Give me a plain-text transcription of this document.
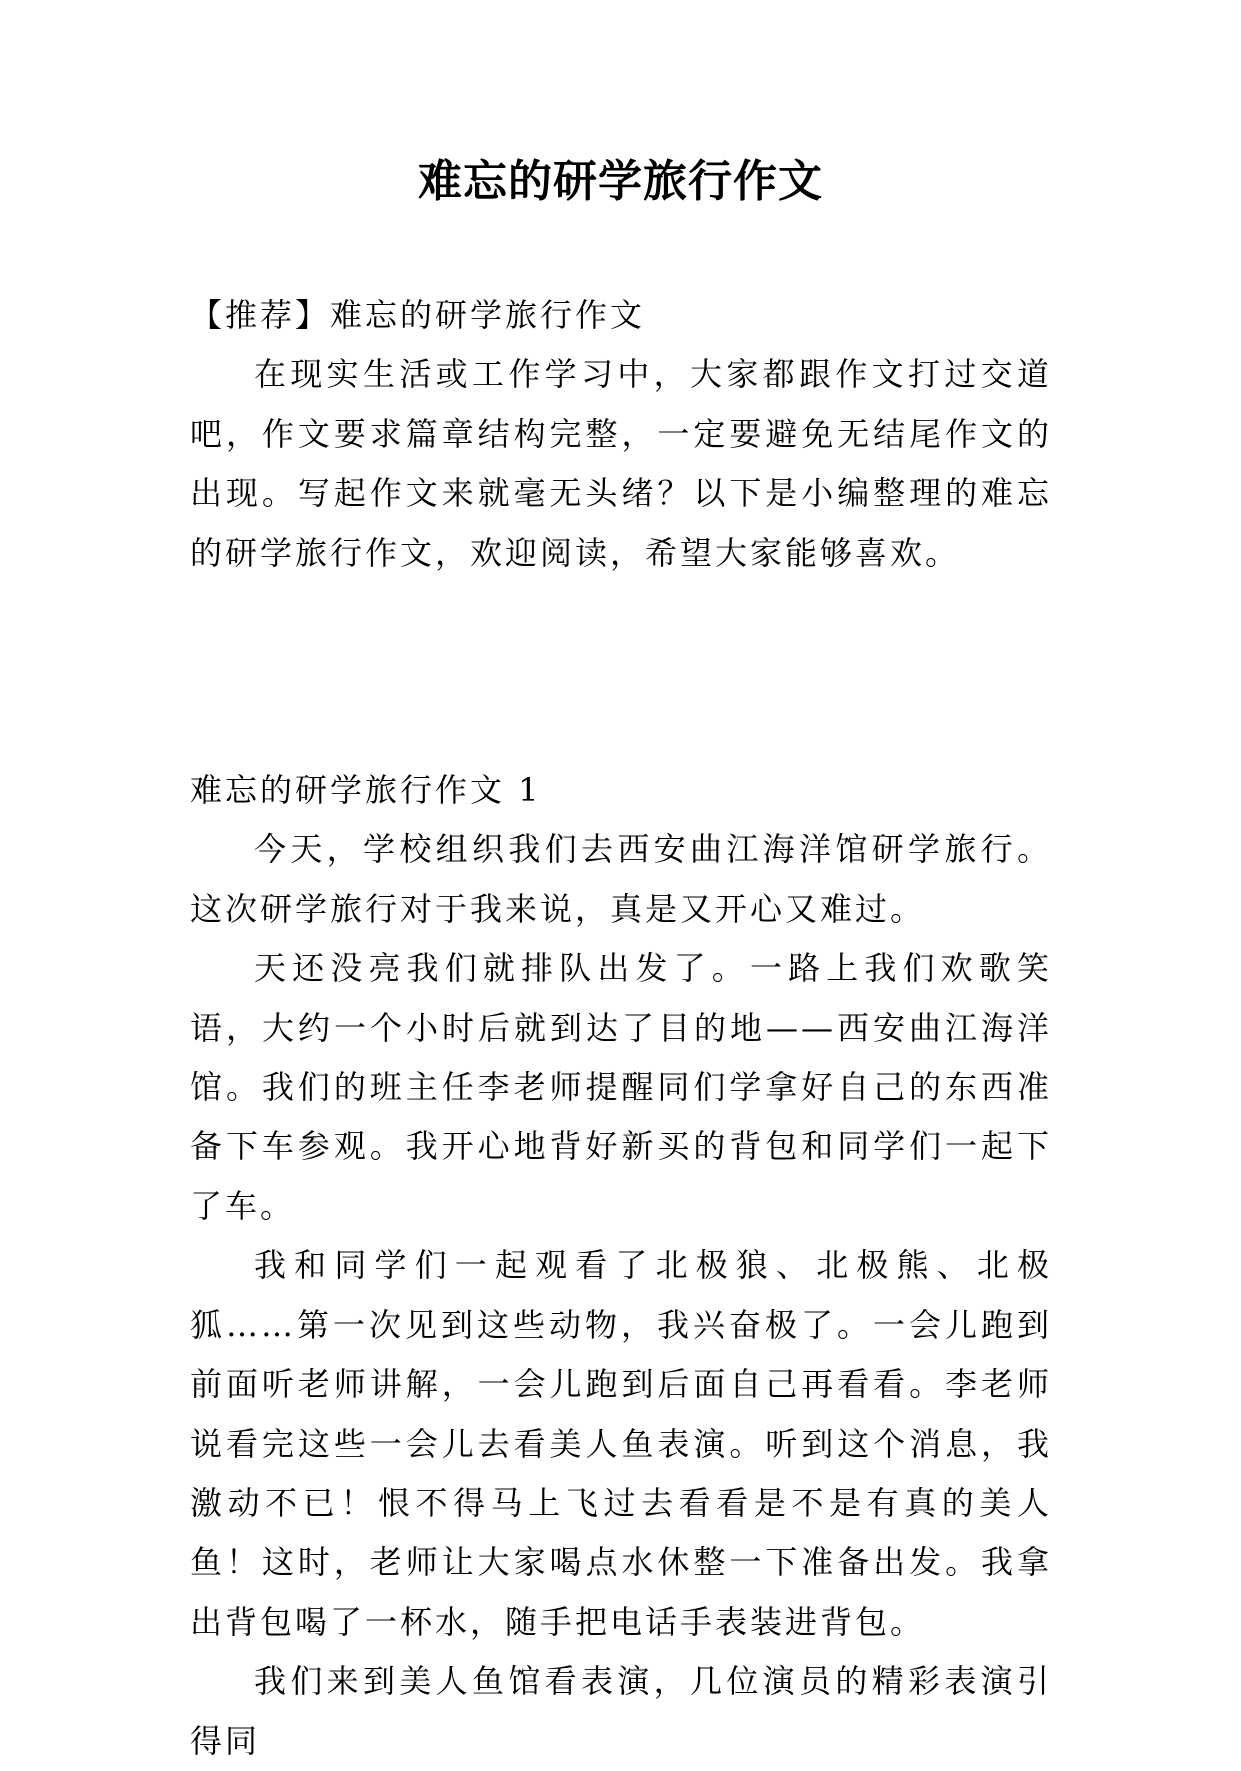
难忘的研学旅行作文

【推荐】难忘的研学旅行作文

在现实生活或工作学习中，大家都跟作文打过交道吧，作文要求篇章结构完整，一定要避免无结尾作文的出现。写起作文来就毫无头绪？以下是小编整理的难忘的研学旅行作文，欢迎阅读，希望大家能够喜欢。

难忘的研学旅行作文 1

今天，学校组织我们去西安曲江海洋馆研学旅行。这次研学旅行对于我来说，真是又开心又难过。

天还没亮我们就排队出发了。一路上我们欢歌笑语，大约一个小时后就到达了目的地——西安曲江海洋馆。我们的班主任李老师提醒同们学拿好自己的东西准备下车参观。我开心地背好新买的背包和同学们一起下了车。

我和同学们一起观看了北极狼、北极熊、北极狐……第一次见到这些动物，我兴奋极了。一会儿跑到前面听老师讲解，一会儿跑到后面自己再看看。李老师说看完这些一会儿去看美人鱼表演。听到这个消息，我激动不已！恨不得马上飞过去看看是不是有真的美人鱼！这时，老师让大家喝点水休整一下准备出发。我拿出背包喝了一杯水，随手把电话手表装进背包。

我们来到美人鱼馆看表演，几位演员的精彩表演引得同
